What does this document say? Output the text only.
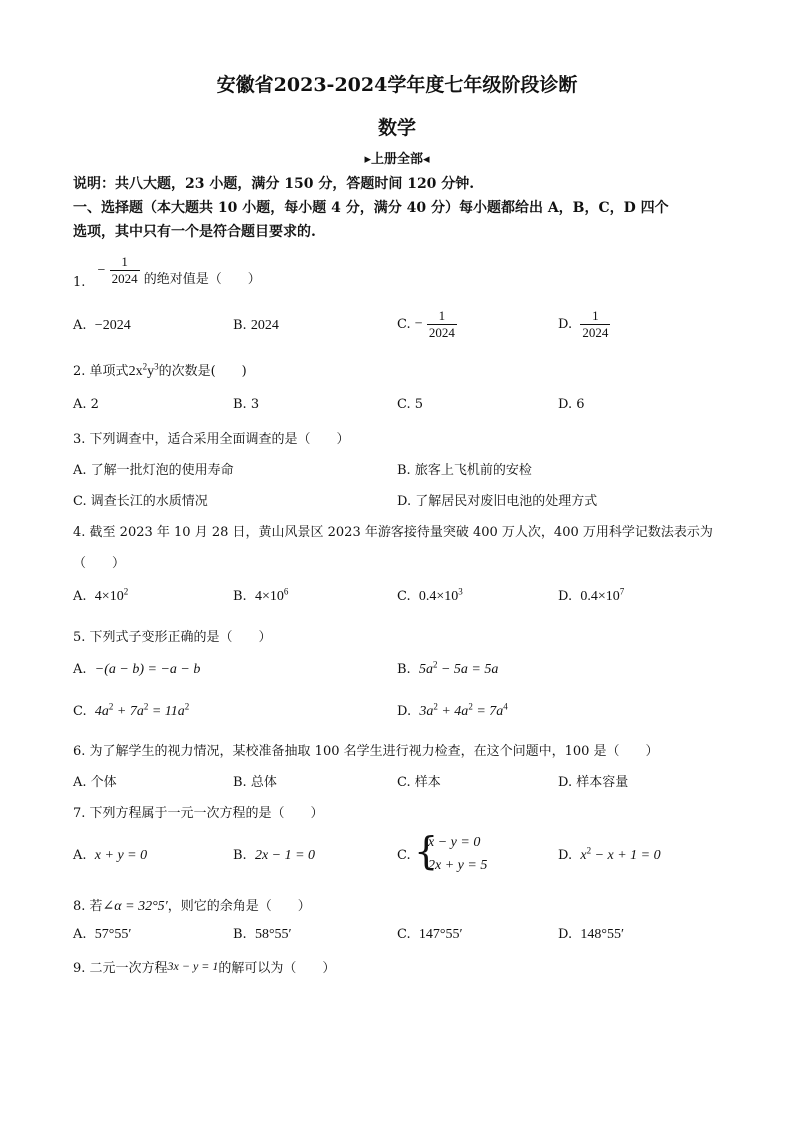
安徽省2023-2024学年度七年级阶段诊断
数学
▸上册全部◂
说明：共八大题，23 小题，满分 150 分，答题时间 120 分钟.
一、选择题（本大题共 10 小题，每小题 4 分，满分 40 分）每小题都给出 A，B，C，D 四个
选项，其中只有一个是符合题目要求的.
1. − $\frac{1}{2024}$ 的绝对值是（　　）
A. −2024	B. 2024	C. − $\frac{1}{2024}$	D. $\frac{1}{2024}$
2. 单项式$2x^2y^3$的次数是(　　)
A. 2	B. 3	C. 5	D. 6
3. 下列调查中，适合采用全面调查的是（　　）
A. 了解一批灯泡的使用寿命	B. 旅客上飞机前的安检
C. 调查长江的水质情况	D. 了解居民对废旧电池的处理方式
4. 截至 2023 年 10 月 28 日，黄山风景区 2023 年游客接待量突破 400 万人次，400 万用科学记数法表示为
（　　）
A. $4\times 10^2$	B. $4\times 10^6$	C. $0.4\times 10^3$	D. $0.4\times 10^7$
5. 下列式子变形正确的是（　　）
A. −(a − b) = −a − b	B. $5a^2 - 5a = 5a$
C. $4a^2 + 7a^2 = 11a^2$	D. $3a^2 + 4a^2 = 7a^4$
6. 为了解学生的视力情况，某校准备抽取 100 名学生进行视力检查，在这个问题中，100 是（　　）
A. 个体	B. 总体	C. 样本	D. 样本容量
7. 下列方程属于一元一次方程的是（　　）
A. x + y = 0	B. 2x − 1 = 0	C. {
x − y = 0
2x + y = 5
D. $x^2 - x + 1 = 0$
8. 若∠α = 32°5′，则它的余角是（　　）
A. 57°55′	B. 58°55′	C. 147°55′	D. 148°55′
9. 二元一次方程3x − y = 1的解可以为（　　）
